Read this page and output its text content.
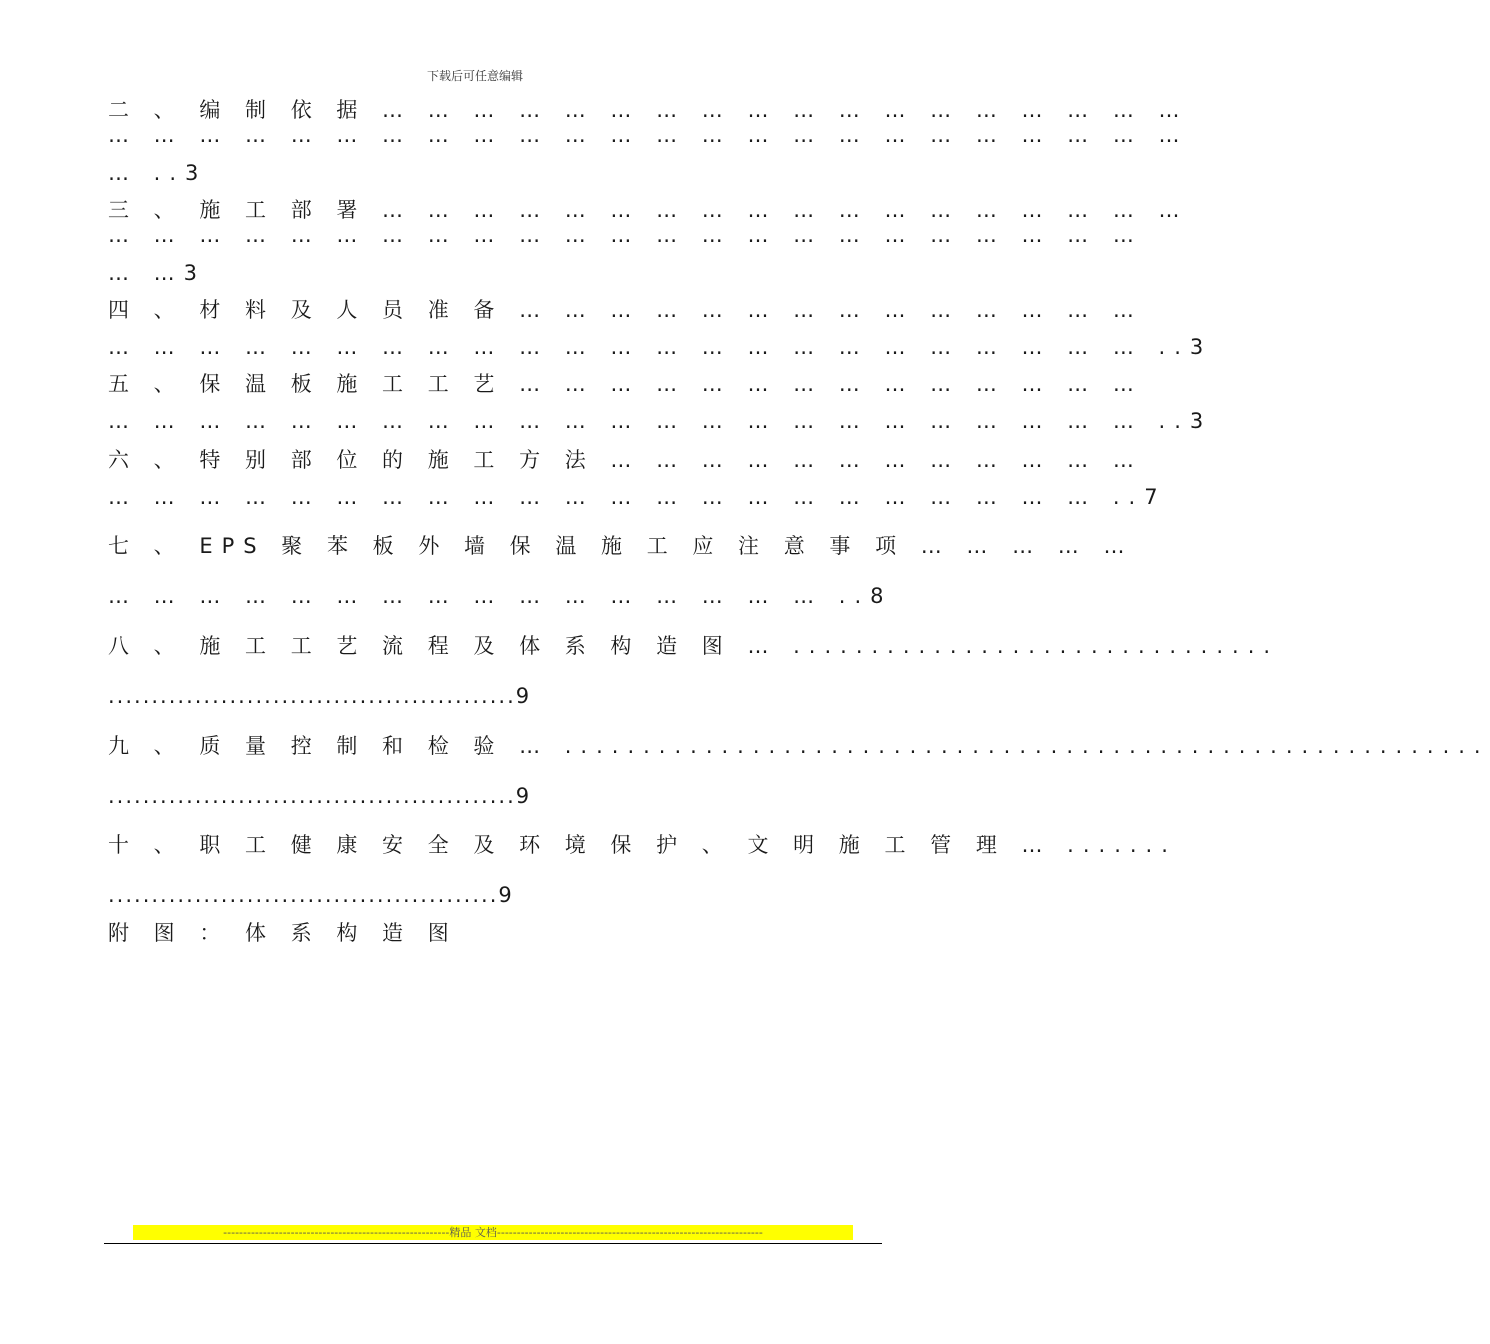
下载后可任意编辑
二 、 编 制 依 据 … … … … … … … … … … … … … … … … … …
… … … … … … … … … … … … … … … … … … … … … … … …
… ..3
三 、 施 工 部 署 … … … … … … … … … … … … … … … … … …
… … … … … … … … … … … … … … … … … … … … … … …
… …3
四 、 材 料 及 人 员 准 备 … … … … … … … … … … … … … …
… … … … … … … … … … … … … … … … … … … … … … … ..3
五 、 保 温 板 施 工 工 艺 … … … … … … … … … … … … … …
… … … … … … … … … … … … … … … … … … … … … … … ..3
六 、 特 别 部 位 的 施 工 方 法 … … … … … … … … … … … …
… … … … … … … … … … … … … … … … … … … … … … ..7
七 、 EPS 聚 苯 板 外 墙 保 温 施 工 应 注 意 事 项 … … … … …
… … … … … … … … … … … … … … … … ..8
八 、 施 工 工 艺 流 程 及 体 系 构 造 图 … ...............................
...............................................9
九 、 质 量 控 制 和 检 验 … ...........................................................
...............................................9
十 、 职 工 健 康 安 全 及 环 境 保 护 、 文 明 施 工 管 理 … .......
.............................................9
附 图 ： 体 系 构 造 图
---------------------------------------------------------精品 文档-------------------------------------------------------------------
